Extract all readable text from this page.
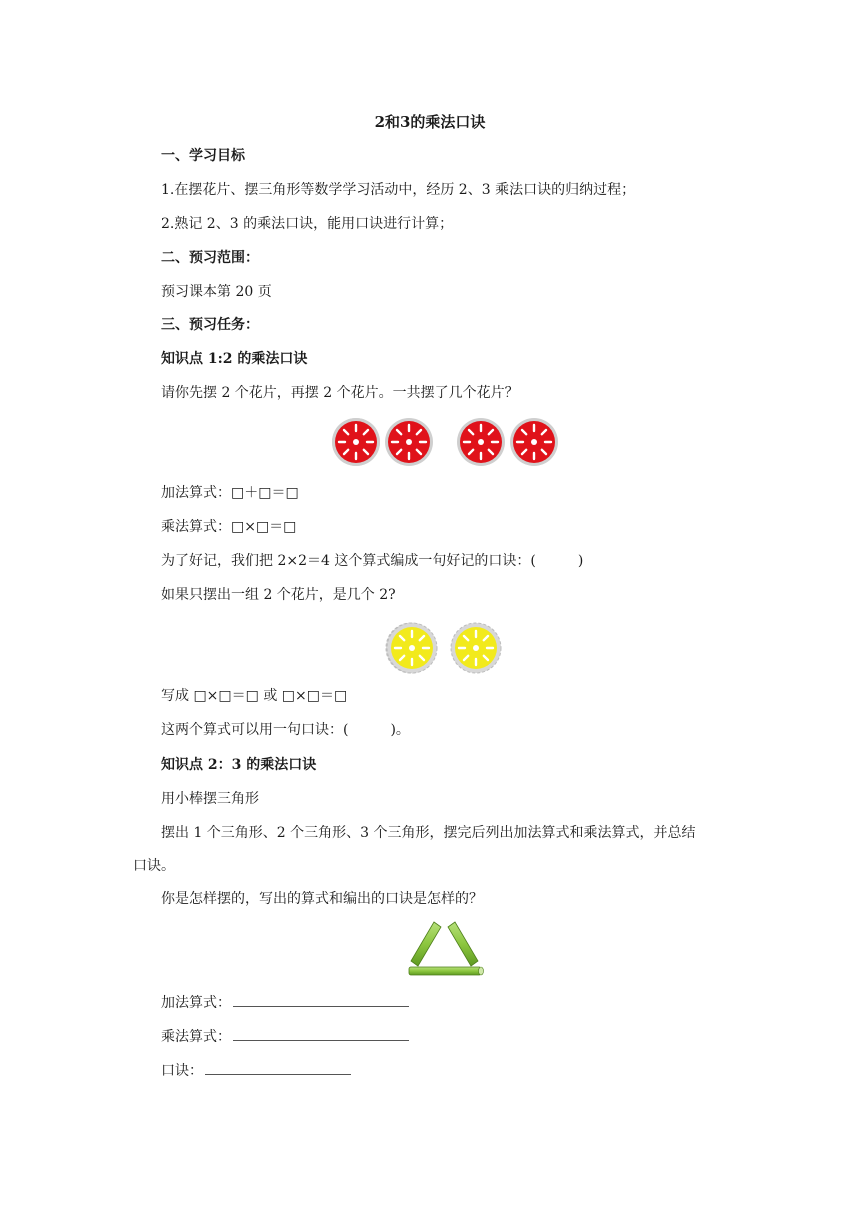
2和3的乘法口诀
一、学习目标
1.在摆花片、摆三角形等数学学习活动中，经历 2、3 乘法口诀的归纳过程；
2.熟记 2、3 的乘法口诀，能用口诀进行计算；
二、预习范围：
预习课本第 20 页
三、预习任务：
知识点 1:2 的乘法口诀
请你先摆 2 个花片，再摆 2 个花片。一共摆了几个花片？
加法算式：□＋□＝□
乘法算式：□×□＝□
为了好记，我们把 2×2＝4 这个算式编成一句好记的口诀：(　　　)
如果只摆出一组 2 个花片，是几个 2?
写成 □×□＝□ 或 □×□＝□
这两个算式可以用一句口诀：(　　　)。
知识点 2：3 的乘法口诀
用小棒摆三角形
摆出 1 个三角形、2 个三角形、3 个三角形，摆完后列出加法算式和乘法算式，并总结
口诀。
你是怎样摆的，写出的算式和编出的口诀是怎样的？
加法算式：
乘法算式：
口诀：
